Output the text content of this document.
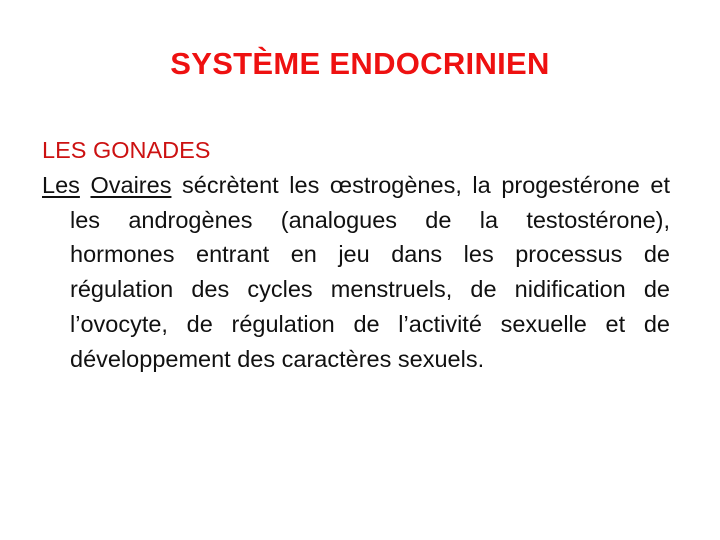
SYSTÈME ENDOCRINIEN

LES GONADES

Les Ovaires sécrètent les œstrogènes, la progestérone et les androgènes (analogues de la testostérone), hormones entrant en jeu dans les processus de régulation des cycles menstruels, de nidification de l’ovocyte, de régulation de l’activité sexuelle et de développement des caractères sexuels.
